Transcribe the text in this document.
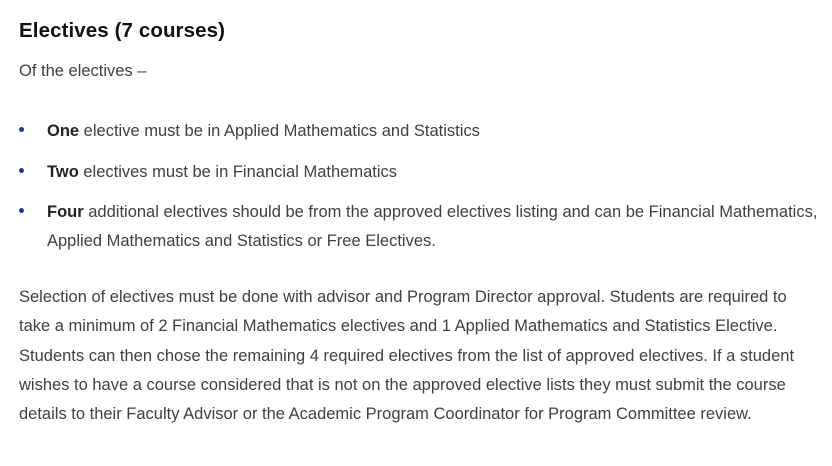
Electives (7 courses)

Of the electives –

One elective must be in Applied Mathematics and Statistics
Two electives must be in Financial Mathematics
Four additional electives should be from the approved electives listing and can be Financial Mathematics, Applied Mathematics and Statistics or Free Electives.

Selection of electives must be done with advisor and Program Director approval. Students are required to take a minimum of 2 Financial Mathematics electives and 1 Applied Mathematics and Statistics Elective. Students can then chose the remaining 4 required electives from the list of approved electives. If a student wishes to have a course considered that is not on the approved elective lists they must submit the course details to their Faculty Advisor or the Academic Program Coordinator for Program Committee review.
